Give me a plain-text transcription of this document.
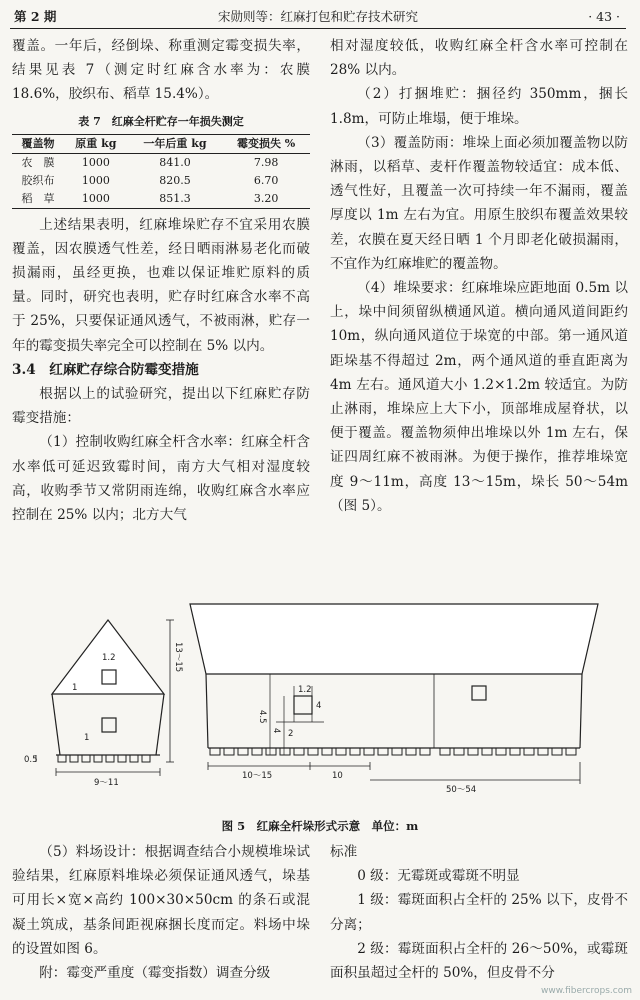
第 2 期	宋勋则等：红麻打包和贮存技术研究	· 43 ·

覆盖。一年后，经倒垛、称重测定霉变损失率，结果见表 7（测定时红麻含水率为：农膜 18.6%，胶织布、稻草 15.4%）。

表 7　红麻全杆贮存一年损失测定
覆盖物	原重 kg	一年后重 kg	霉变损失 %
农　膜	1000	841.0	7.98
胶织布	1000	820.5	6.70
稻　草	1000	851.3	3.20

上述结果表明，红麻堆垛贮存不宜采用农膜覆盖，因农膜透气性差，经日晒雨淋易老化而破损漏雨，虽经更换，也难以保证堆贮原料的质量。同时，研究也表明，贮存时红麻含水率不高于 25%，只要保证通风透气，不被雨淋，贮存一年的霉变损失率完全可以控制在 5% 以内。

3.4　红麻贮存综合防霉变措施

根据以上的试验研究，提出以下红麻贮存防霉变措施：

（1）控制收购红麻全杆含水率：红麻全杆含水率低可延迟致霉时间，南方大气相对湿度较高，收购季节又常阴雨连绵，收购红麻含水率应控制在 25% 以内；北方大气

相对湿度较低，收购红麻全杆含水率可控制在 28% 以内。

（2）打捆堆贮：捆径约 350mm，捆长 1.8m，可防止堆塌，便于堆垛。

（3）覆盖防雨：堆垛上面必须加覆盖物以防淋雨，以稻草、麦杆作覆盖物较适宜：成本低、透气性好，且覆盖一次可持续一年不漏雨，覆盖厚度以 1m 左右为宜。用原生胶织布覆盖效果较差，农膜在夏天经日晒 1 个月即老化破损漏雨，不宜作为红麻堆贮的覆盖物。

（4）堆垛要求：红麻堆垛应距地面 0.5m 以上，垛中间须留纵横通风道。横向通风道间距约 10m，纵向通风道位于垛宽的中部。第一通风道距垛基不得超过 2m，两个通风道的垂直距离为 4m 左右。通风道大小 1.2×1.2m 较适宜。为防止淋雨，堆垛应上大下小，顶部堆成屋脊状，以便于覆盖。覆盖物须伸出堆垛以外 1m 左右，保证四周红麻不被雨淋。为便于操作，推荐堆垛宽度 9～11m，高度 13～15m，垛长 50～54m（图 5）。

13～15
9～11
1.2
1
1
0.5
10～15	10
50～54
4.5
4 2
1.2
4
图 5　红麻全杆垛形式示意　单位：m

（5）料场设计：根据调查结合小规模堆垛试验结果，红麻原料堆垛必须保证通风透气，垛基可用长×宽×高约 100×30×50cm 的条石或混凝土筑成，基条间距视麻捆长度而定。料场中垛的设置如图 6。

附：霉变严重度（霉变指数）调查分级

标准

0 级：无霉斑或霉斑不明显

1 级：霉斑面积占全杆的 25% 以下，皮骨不分离；

2 级：霉斑面积占全杆的 26～50%，或霉斑面积虽超过全杆的 50%，但皮骨不分

www.fibercrops.com
